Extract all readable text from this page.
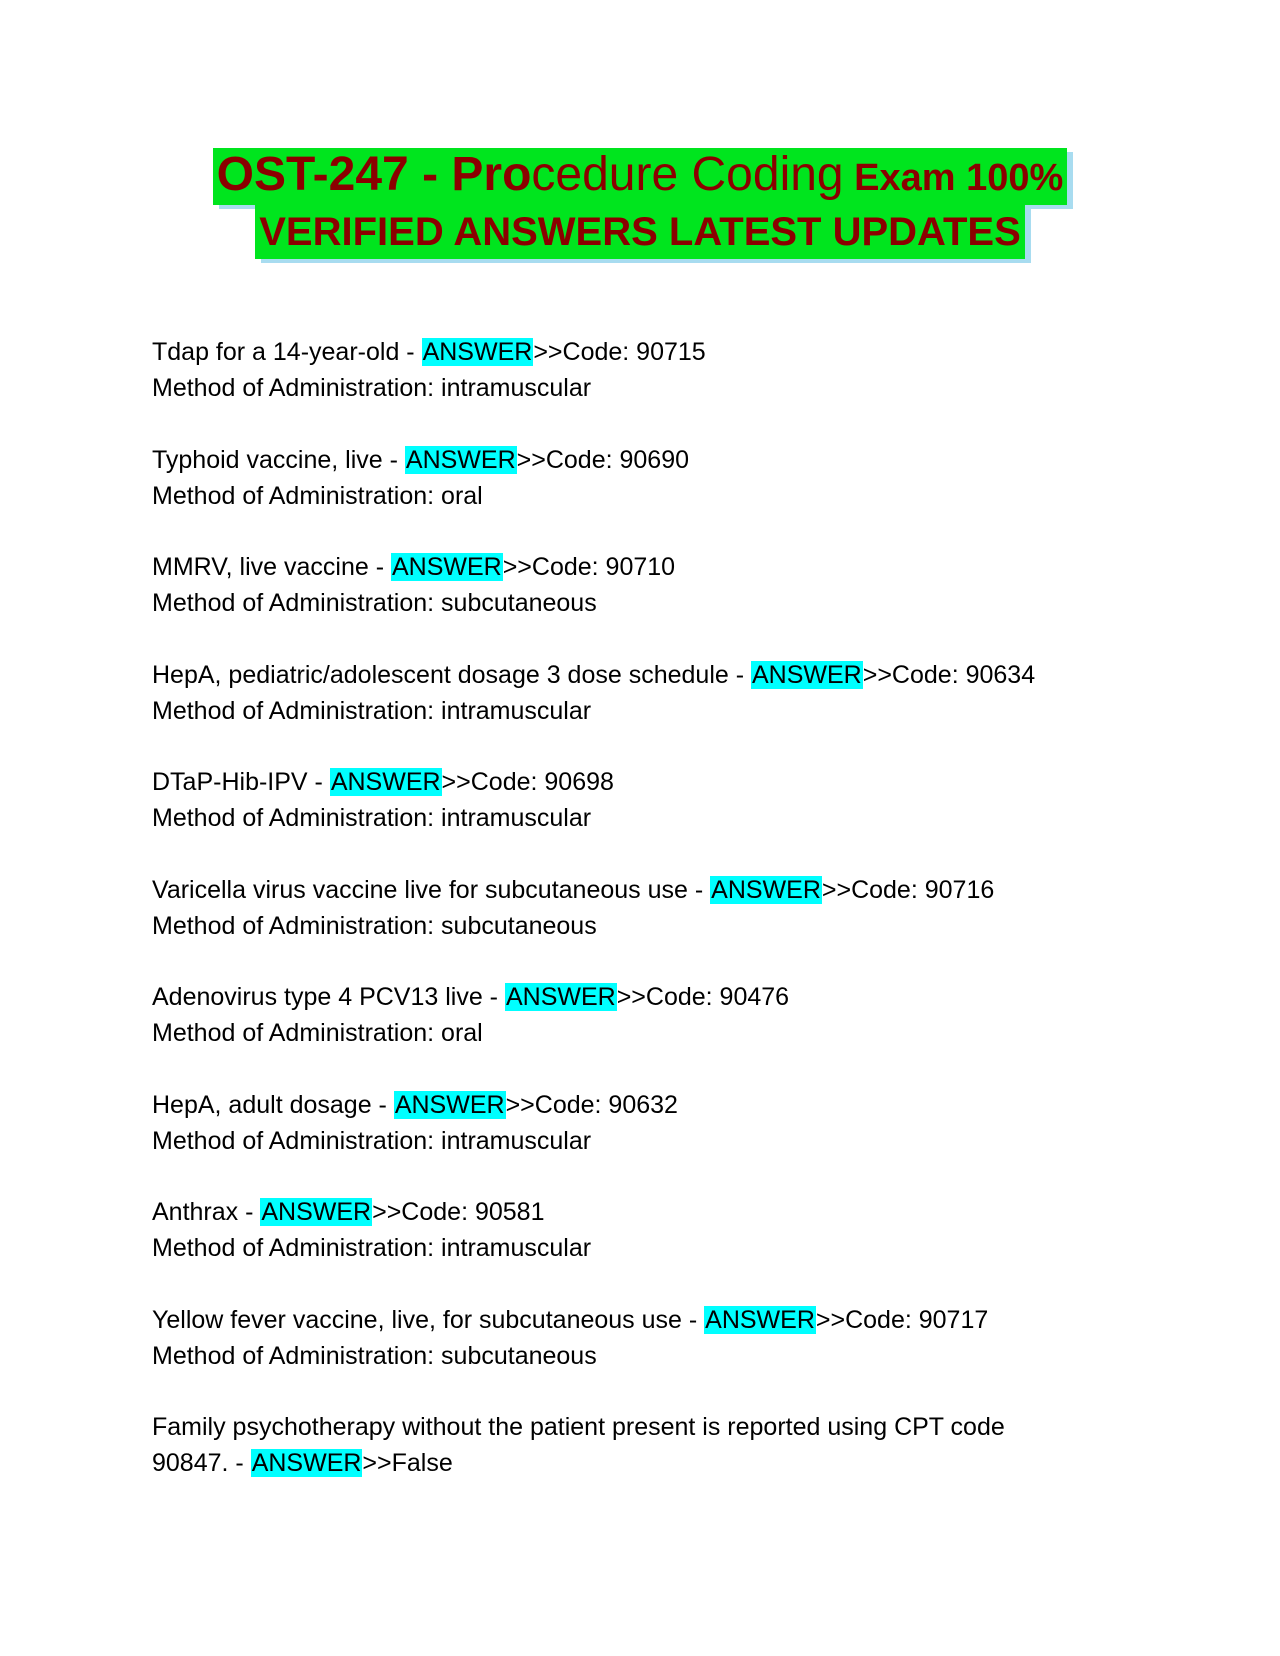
OST-247 - Procedure Coding Exam 100%
VERIFIED ANSWERS LATEST UPDATES
Tdap for a 14-year-old - ANSWER>>Code: 90715
Method of Administration: intramuscular
Typhoid vaccine, live - ANSWER>>Code: 90690
Method of Administration: oral
MMRV, live vaccine - ANSWER>>Code: 90710
Method of Administration: subcutaneous
HepA, pediatric/adolescent dosage 3 dose schedule - ANSWER>>Code: 90634
Method of Administration: intramuscular
DTaP-Hib-IPV - ANSWER>>Code: 90698
Method of Administration: intramuscular
Varicella virus vaccine live for subcutaneous use - ANSWER>>Code: 90716
Method of Administration: subcutaneous
Adenovirus type 4 PCV13 live - ANSWER>>Code: 90476
Method of Administration: oral
HepA, adult dosage - ANSWER>>Code: 90632
Method of Administration: intramuscular
Anthrax - ANSWER>>Code: 90581
Method of Administration: intramuscular
Yellow fever vaccine, live, for subcutaneous use - ANSWER>>Code: 90717
Method of Administration: subcutaneous
Family psychotherapy without the patient present is reported using CPT code
90847. - ANSWER>>False
